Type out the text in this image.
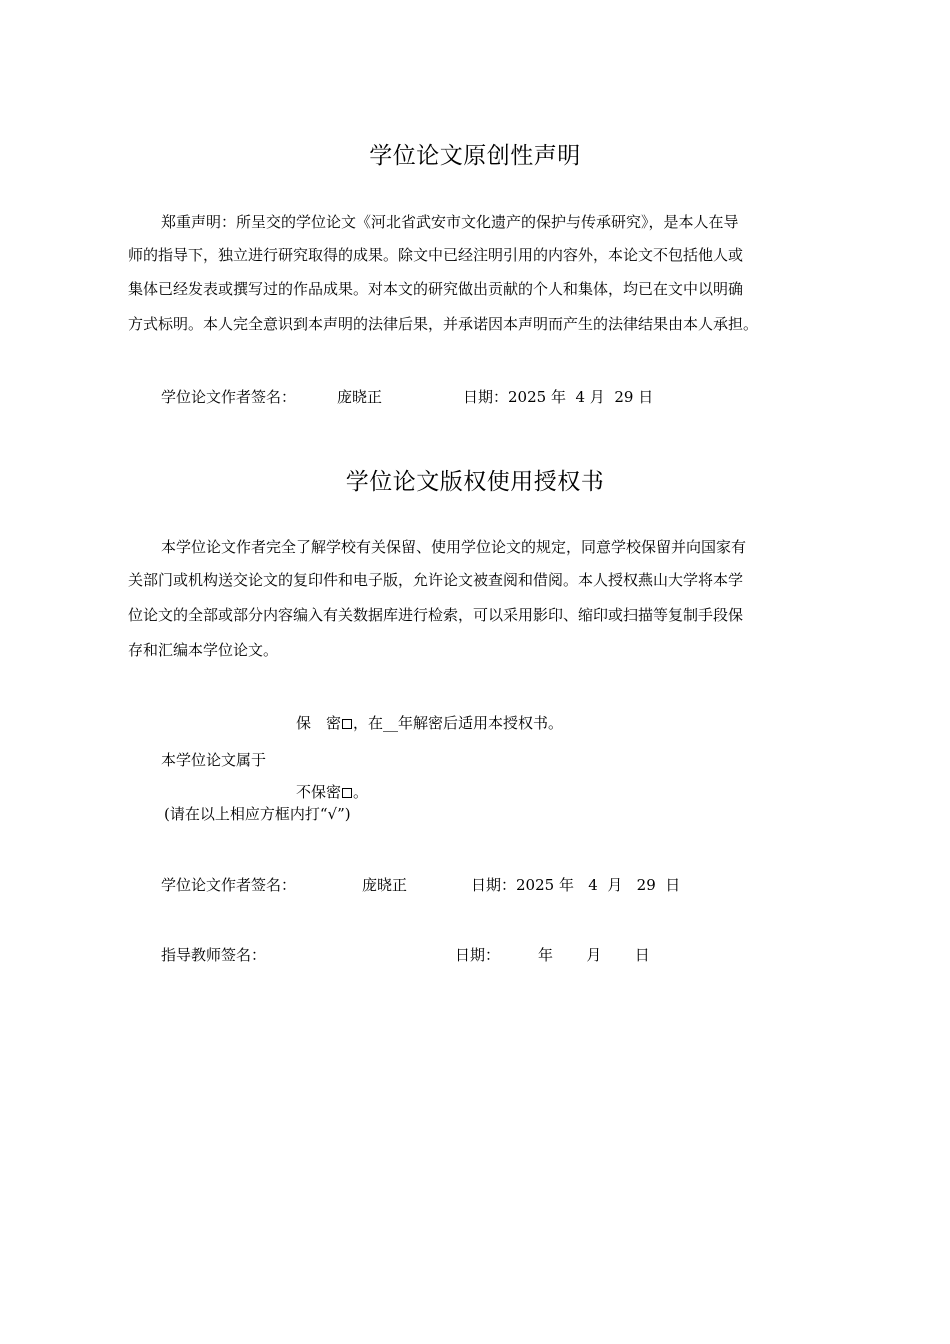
学位论文原创性声明
郑重声明：所呈交的学位论文《河北省武安市文化遗产的保护与传承研究》，是本人在导
师的指导下，独立进行研究取得的成果。除文中已经注明引用的内容外，本论文不包括他人或
集体已经发表或撰写过的作品成果。对本文的研究做出贡献的个人和集体，均已在文中以明确
方式标明。本人完全意识到本声明的法律后果，并承诺因本声明而产生的法律结果由本人承担。
学位论文作者签名：	庞晓正	日期：2025 年  4 月  29 日
学位论文版权使用授权书
本学位论文作者完全了解学校有关保留、使用学位论文的规定，同意学校保留并向国家有
关部门或机构送交论文的复印件和电子版，允许论文被查阅和借阅。本人授权燕山大学将本学
位论文的全部或部分内容编入有关数据库进行检索，可以采用影印、缩印或扫描等复制手段保
存和汇编本学位论文。
保　密 ，在__年解密后适用本授权书。
本学位论文属于
不保密 。
(请在以上相应方框内打“√”)
学位论文作者签名：	庞晓正	日期：2025 年   4  月   29  日
指导教师签名：	日期：	年       月       日
